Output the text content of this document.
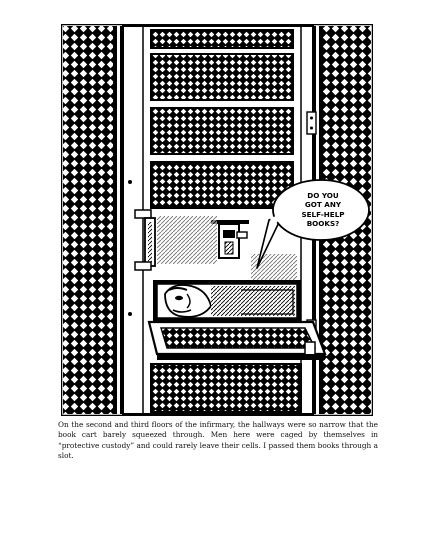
DO YOU
GOT ANY
SELF-HELP
BOOKS?
On the second and third floors of the infirmary, the hallways were so narrow that the book cart barely squeezed through. Men here were caged by themselves in “protective custody” and could rarely leave their cells. I passed them books through a slot.
